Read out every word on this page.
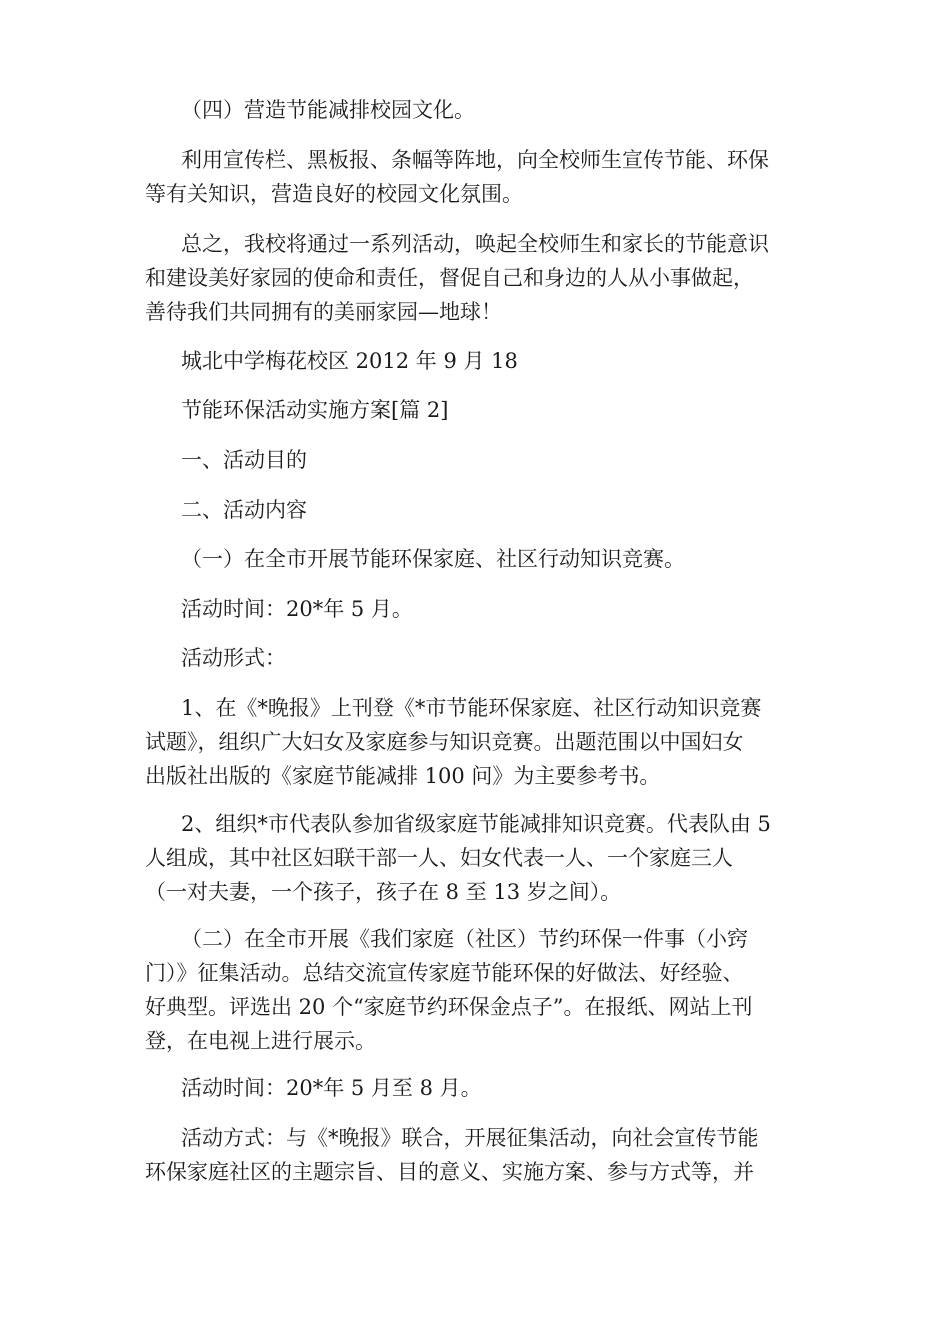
（四）营造节能减排校园文化。
利用宣传栏、黑板报、条幅等阵地，向全校师生宣传节能、环保
等有关知识，营造良好的校园文化氛围。
总之，我校将通过一系列活动，唤起全校师生和家长的节能意识
和建设美好家园的使命和责任，督促自己和身边的人从小事做起，
善待我们共同拥有的美丽家园—地球！
城北中学梅花校区 2012 年 9 月 18
节能环保活动实施方案[篇 2]
一、活动目的
二、活动内容
（一）在全市开展节能环保家庭、社区行动知识竞赛。
活动时间：20*年 5 月。
活动形式：
1、在《*晚报》上刊登《*市节能环保家庭、社区行动知识竞赛
试题》，组织广大妇女及家庭参与知识竞赛。出题范围以中国妇女
出版社出版的《家庭节能减排 100 问》为主要参考书。
2、组织*市代表队参加省级家庭节能减排知识竞赛。代表队由 5
人组成，其中社区妇联干部一人、妇女代表一人、一个家庭三人
（一对夫妻，一个孩子，孩子在 8 至 13 岁之间）。
（二）在全市开展《我们家庭（社区）节约环保一件事（小窍
门）》征集活动。总结交流宣传家庭节能环保的好做法、好经验、
好典型。评选出 20 个“家庭节约环保金点子”。在报纸、网站上刊
登，在电视上进行展示。
活动时间：20*年 5 月至 8 月。
活动方式：与《*晚报》联合，开展征集活动，向社会宣传节能
环保家庭社区的主题宗旨、目的意义、实施方案、参与方式等，并
